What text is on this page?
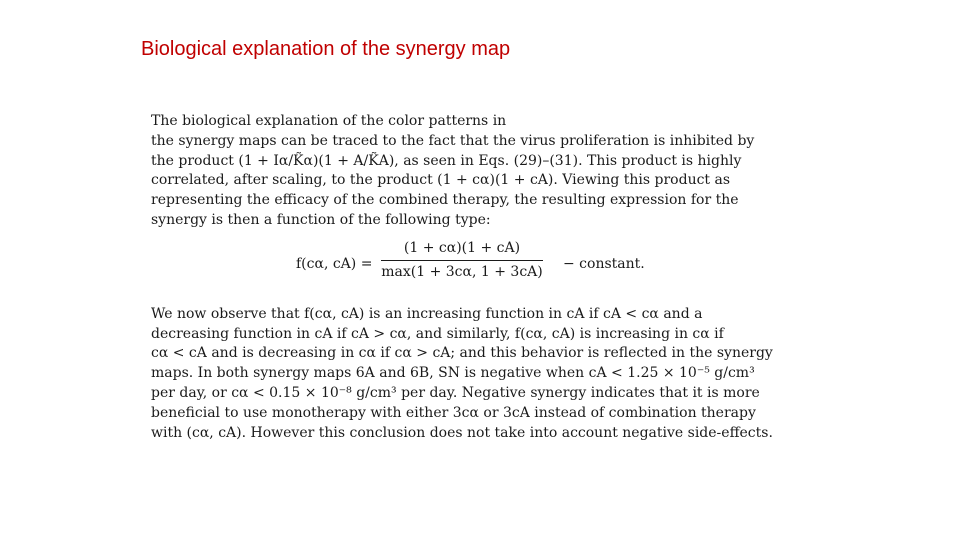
Biological explanation of the synergy map
The biological explanation of the color patterns in
the synergy maps can be traced to the fact that the virus proliferation is inhibited by
the product (1 + Iα/K̃α)(1 + A/K̃A), as seen in Eqs. (29)–(31). This product is highly
correlated, after scaling, to the product (1 + cα)(1 + cA). Viewing this product as
representing the efficacy of the combined therapy, the resulting expression for the
synergy is then a function of the following type:
f(cα, cA) =
(1 + cα)(1 + cA)
max(1 + 3cα, 1 + 3cA) − constant.
We now observe that f(cα, cA) is an increasing function in cA if cA < cα and a
decreasing function in cA if cA > cα, and similarly, f(cα, cA) is increasing in cα if
cα < cA and is decreasing in cα if cα > cA; and this behavior is reflected in the synergy
maps. In both synergy maps 6A and 6B, SN is negative when cA < 1.25 × 10⁻⁵ g/cm³
per day, or cα < 0.15 × 10⁻⁸ g/cm³ per day. Negative synergy indicates that it is more
beneficial to use monotherapy with either 3cα or 3cA instead of combination therapy
with (cα, cA). However this conclusion does not take into account negative side-effects.
